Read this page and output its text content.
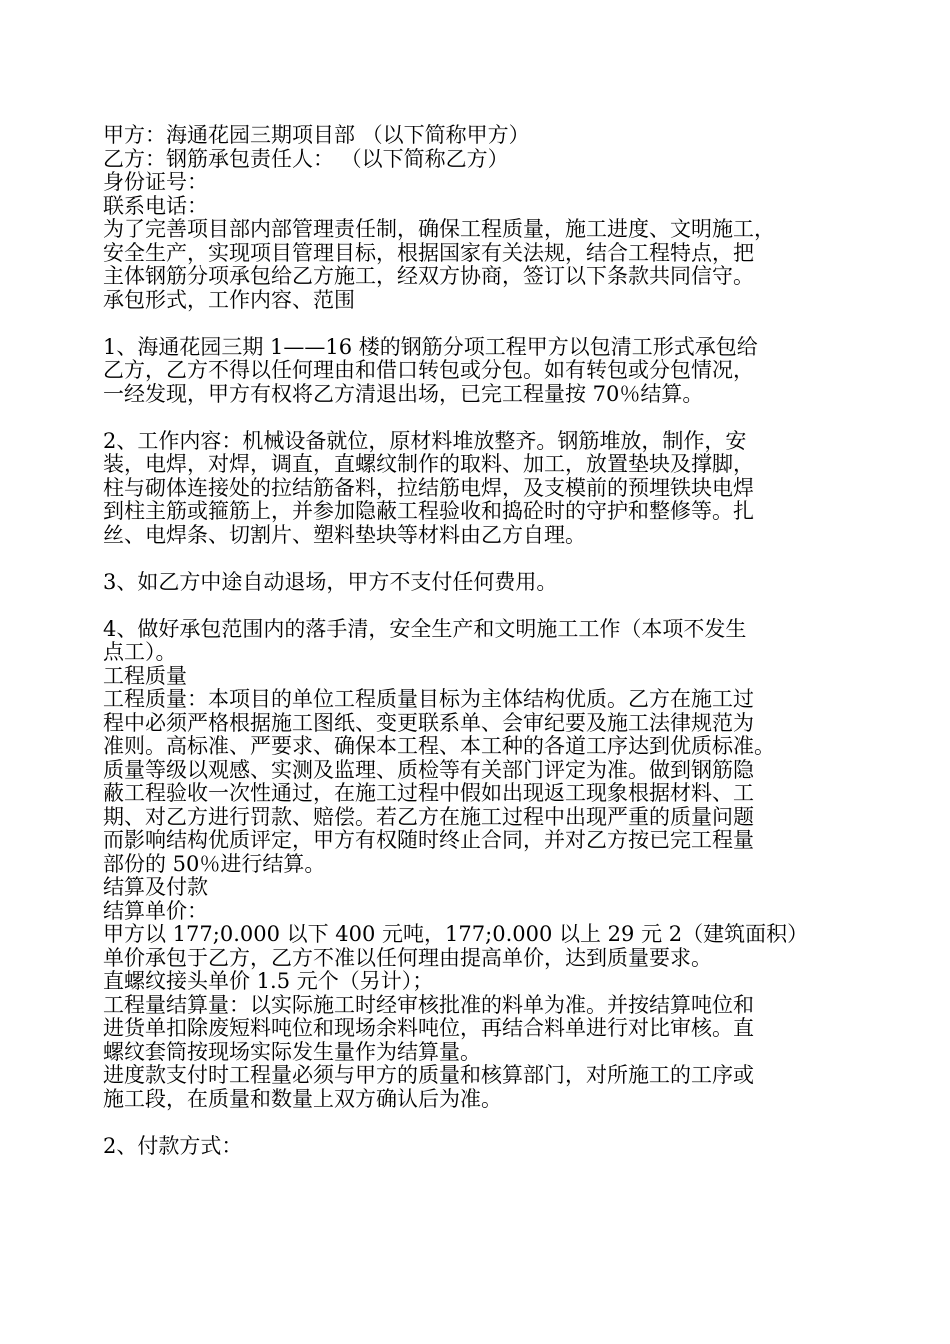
甲方：海通花园三期项目部 （以下简称甲方）
乙方：钢筋承包责任人： （以下简称乙方）
身份证号：
联系电话：
为了完善项目部内部管理责任制，确保工程质量，施工进度、文明施工，
安全生产，实现项目管理目标，根据国家有关法规，结合工程特点，把
主体钢筋分项承包给乙方施工，经双方协商，签订以下条款共同信守。
承包形式，工作内容、范围
1、海通花园三期 1——16 楼的钢筋分项工程甲方以包清工形式承包给
乙方，乙方不得以任何理由和借口转包或分包。如有转包或分包情况，
一经发现，甲方有权将乙方清退出场，已完工程量按 70％结算。
2、工作内容：机械设备就位，原材料堆放整齐。钢筋堆放，制作，安
装，电焊，对焊，调直，直螺纹制作的取料、加工，放置垫块及撑脚，
柱与砌体连接处的拉结筋备料，拉结筋电焊，及支模前的预埋铁块电焊
到柱主筋或箍筋上，并参加隐蔽工程验收和捣砼时的守护和整修等。扎
丝、电焊条、切割片、塑料垫块等材料由乙方自理。
3、如乙方中途自动退场，甲方不支付任何费用。
4、做好承包范围内的落手清，安全生产和文明施工工作（本项不发生
点工）。
工程质量
工程质量：本项目的单位工程质量目标为主体结构优质。乙方在施工过
程中必须严格根据施工图纸、变更联系单、会审纪要及施工法律规范为
准则。高标准、严要求、确保本工程、本工种的各道工序达到优质标准。
质量等级以观感、实测及监理、质检等有关部门评定为准。做到钢筋隐
蔽工程验收一次性通过，在施工过程中假如出现返工现象根据材料、工
期、对乙方进行罚款、赔偿。若乙方在施工过程中出现严重的质量问题
而影响结构优质评定，甲方有权随时终止合同，并对乙方按已完工程量
部份的 50％进行结算。
结算及付款
结算单价：
甲方以 177;0.000 以下 400 元吨，177;0.000 以上 29 元 2（建筑面积）
单价承包于乙方，乙方不准以任何理由提高单价，达到质量要求。
直螺纹接头单价 1.5 元个（另计）；
工程量结算量：以实际施工时经审核批准的料单为准。并按结算吨位和
进货单扣除废短料吨位和现场余料吨位，再结合料单进行对比审核。直
螺纹套筒按现场实际发生量作为结算量。
进度款支付时工程量必须与甲方的质量和核算部门，对所施工的工序或
施工段，在质量和数量上双方确认后为准。
2、付款方式：
